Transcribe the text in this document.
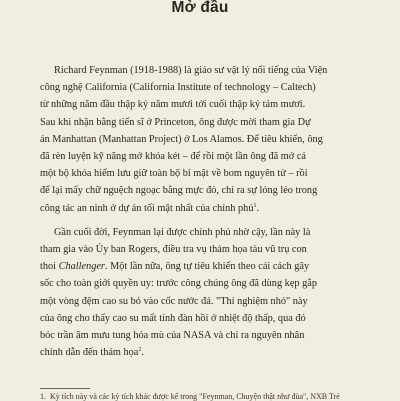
Mở đầu

Richard Feynman (1918-1988) là giáo sư vật lý nổi tiếng của Viện
công nghệ California (California Institute of technology – Caltech)
từ những năm đầu thập kỷ năm mươi tới cuối thập kỷ tám mươi.
Sau khi nhận bằng tiến sĩ ở Princeton, ông được mời tham gia Dự
án Manhattan (Manhattan Project) ở Los Alamos. Để tiêu khiển, ông
đã rèn luyện kỹ năng mở khóa két – để rồi một lần ông đã mở cả
một bộ khóa hiểm lưu giữ toàn bộ bí mật về bom nguyên tử – rồi
để lại mấy chữ nguệch ngoạc bằng mực đỏ, chỉ ra sự lỏng lẻo trong
công tác an ninh ở dự án tối mật nhất của chính phủ$^1$.

Gần cuối đời, Feynman lại được chính phủ nhờ cậy, lần này là
tham gia vào Ủy ban Rogers, điều tra vụ thảm họa tàu vũ trụ con
thoi Challenger. Một lần nữa, ông tự tiêu khiển theo cái cách gây
sốc cho toàn giới quyền uy: trước công chúng ông đã dùng kẹp gắp
một vòng đệm cao su bỏ vào cốc nước đá. "Thí nghiệm nhỏ" này
của ông cho thấy cao su mất tính đàn hồi ở nhiệt độ thấp, qua đó
bóc trần âm mưu tung hỏa mù của NASA và chỉ ra nguyên nhân
chính dẫn đến thảm họa$^2$.

1. Kỳ tích này và các kỳ tích khác được kể trong "Feynman, Chuyện thật như đùa", NXB Trẻ
